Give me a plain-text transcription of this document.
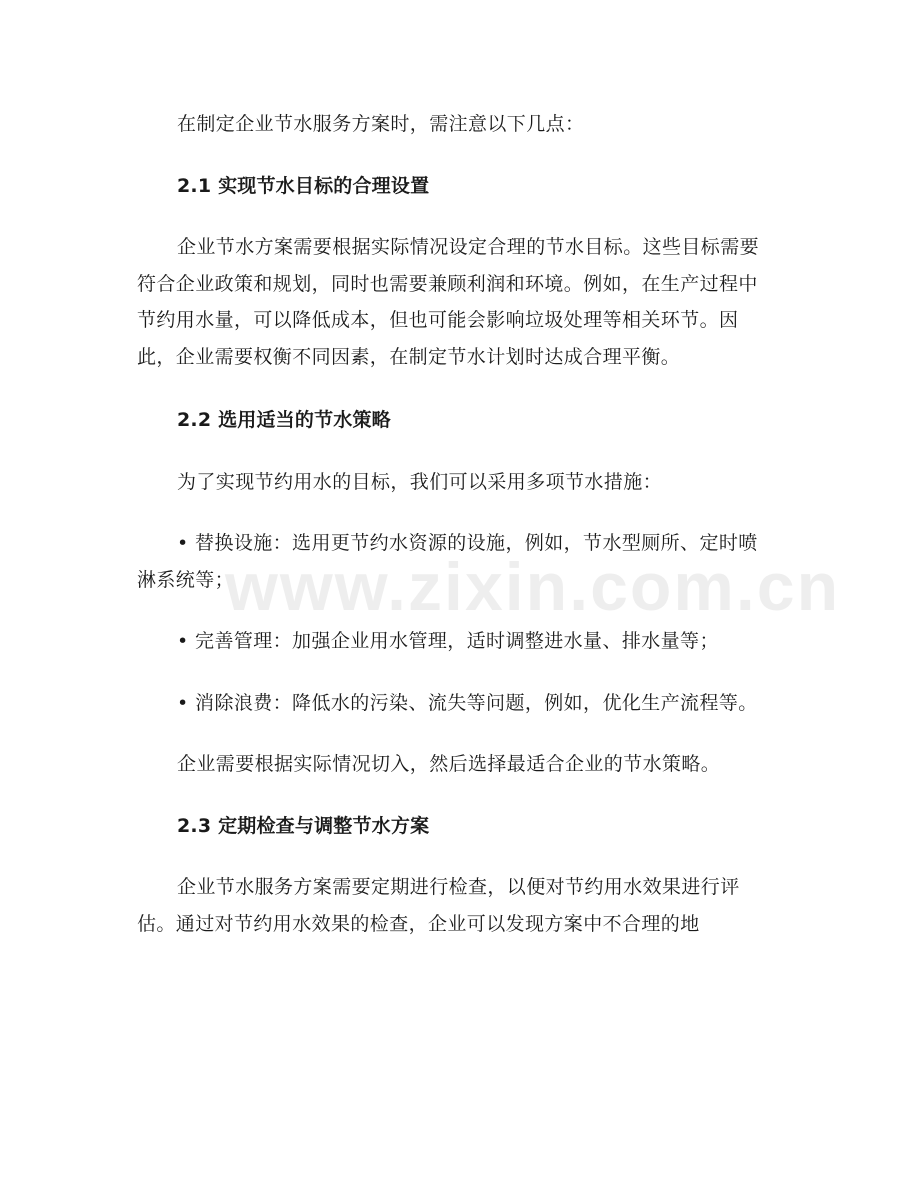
www.zixin.com.cn

在制定企业节水服务方案时，需注意以下几点：

2.1 实现节水目标的合理设置

企业节水方案需要根据实际情况设定合理的节水目标。这些目标需要符合企业政策和规划，同时也需要兼顾利润和环境。例如，在生产过程中节约用水量，可以降低成本，但也可能会影响垃圾处理等相关环节。因此，企业需要权衡不同因素，在制定节水计划时达成合理平衡。

2.2 选用适当的节水策略

为了实现节约用水的目标，我们可以采用多项节水措施：

• 替换设施：选用更节约水资源的设施，例如，节水型厕所、定时喷淋系统等；

• 完善管理：加强企业用水管理，适时调整进水量、排水量等；

• 消除浪费：降低水的污染、流失等问题，例如，优化生产流程等。

企业需要根据实际情况切入，然后选择最适合企业的节水策略。

2.3 定期检查与调整节水方案

企业节水服务方案需要定期进行检查，以便对节约用水效果进行评估。通过对节约用水效果的检查，企业可以发现方案中不合理的地
